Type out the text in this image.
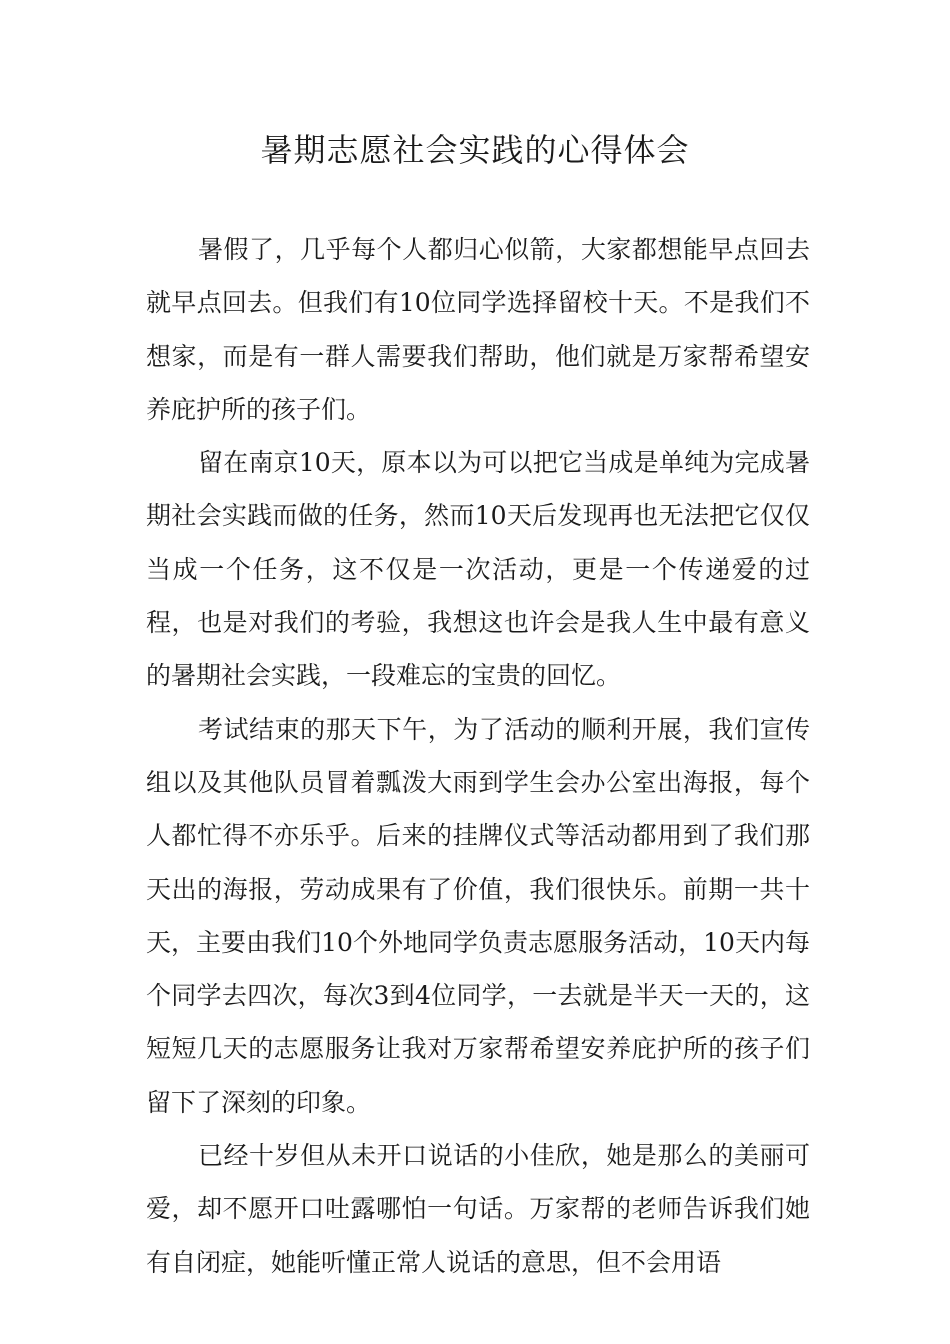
暑期志愿社会实践的心得体会

暑假了，几乎每个人都归心似箭，大家都想能早点回去就早点回去。但我们有10位同学选择留校十天。不是我们不想家，而是有一群人需要我们帮助，他们就是万家帮希望安养庇护所的孩子们。

留在南京10天，原本以为可以把它当成是单纯为完成暑期社会实践而做的任务，然而10天后发现再也无法把它仅仅当成一个任务，这不仅是一次活动，更是一个传递爱的过程，也是对我们的考验，我想这也许会是我人生中最有意义的暑期社会实践，一段难忘的宝贵的回忆。

考试结束的那天下午，为了活动的顺利开展，我们宣传组以及其他队员冒着瓢泼大雨到学生会办公室出海报，每个人都忙得不亦乐乎。后来的挂牌仪式等活动都用到了我们那天出的海报，劳动成果有了价值，我们很快乐。前期一共十天，主要由我们10个外地同学负责志愿服务活动，10天内每个同学去四次，每次3到4位同学，一去就是半天一天的，这短短几天的志愿服务让我对万家帮希望安养庇护所的孩子们留下了深刻的印象。

已经十岁但从未开口说话的小佳欣，她是那么的美丽可爱，却不愿开口吐露哪怕一句话。万家帮的老师告诉我们她有自闭症，她能听懂正常人说话的意思，但不会用语
